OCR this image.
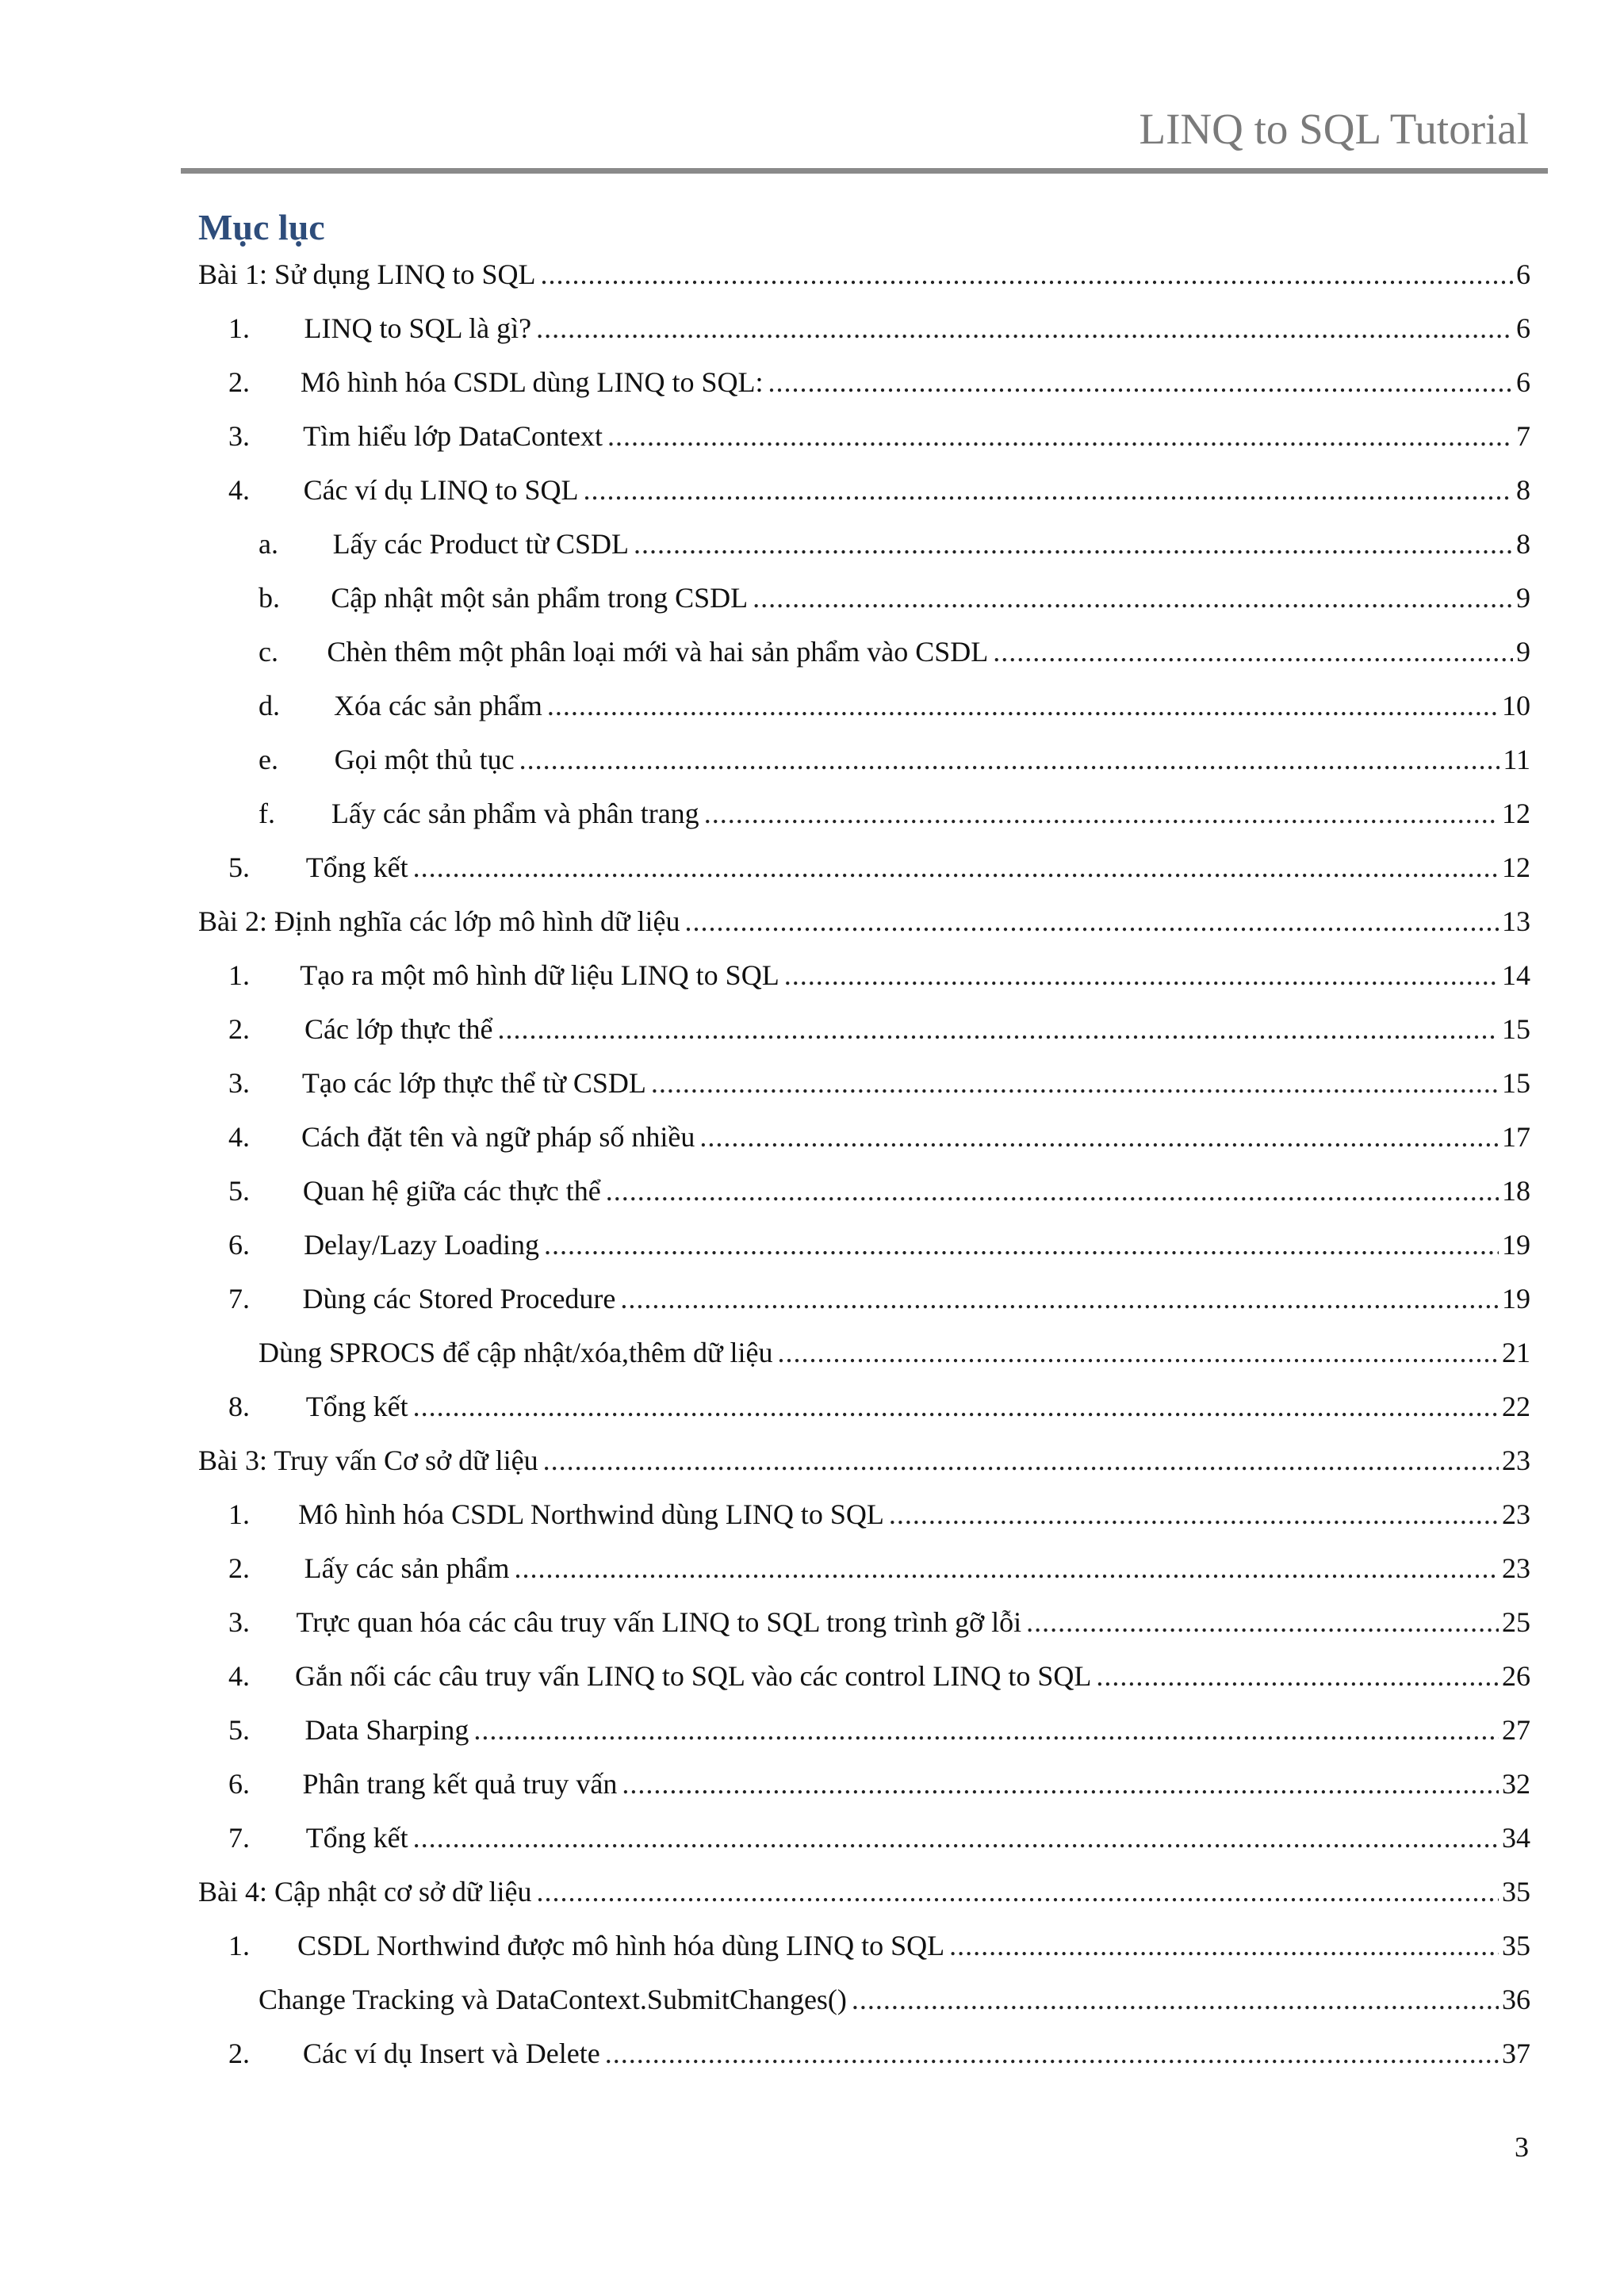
LINQ to SQL Tutorial
Mục lục
Bài 1: Sử dụng LINQ to SQL .....	6
1.	LINQ to SQL là gì? .....	6
2.	Mô hình hóa CSDL dùng LINQ to SQL: .....	6
3.	Tìm hiểu lớp DataContext .....	7
4.	Các ví dụ LINQ to SQL .....	8
a.	Lấy các Product từ CSDL .....	8
b.	Cập nhật một sản phẩm trong CSDL .....	9
c.	Chèn thêm một phân loại mới và hai sản phẩm vào CSDL .....	9
d.	Xóa các sản phẩm .....	10
e.	Gọi một thủ tục .....	11
f.	Lấy các sản phẩm và phân trang .....	12
5.	Tổng kết .....	12
Bài 2: Định nghĩa các lớp mô hình dữ liệu .....	13
1.	Tạo ra một mô hình dữ liệu LINQ to SQL .....	14
2.	Các lớp thực thể .....	15
3.	Tạo các lớp thực thể từ CSDL .....	15
4.	Cách đặt tên và ngữ pháp số nhiều .....	17
5.	Quan hệ giữa các thực thể .....	18
6.	Delay/Lazy Loading .....	19
7.	Dùng các Stored Procedure .....	19
Dùng SPROCS để cập nhật/xóa,thêm dữ liệu .....	21
8.	Tổng kết .....	22
Bài 3: Truy vấn Cơ sở dữ liệu .....	23
1.	Mô hình hóa CSDL Northwind dùng LINQ to SQL .....	23
2.	Lấy các sản phẩm .....	23
3.	Trực quan hóa các câu truy vấn LINQ to SQL trong trình gỡ lỗi .....	25
4.	Gắn nối các câu truy vấn LINQ to SQL vào các control LINQ to SQL .....	26
5.	Data Sharping .....	27
6.	Phân trang kết quả truy vấn .....	32
7.	Tổng kết .....	34
Bài 4: Cập nhật cơ sở dữ liệu .....	35
1.	CSDL Northwind được mô hình hóa dùng LINQ to SQL .....	35
Change Tracking và DataContext.SubmitChanges() .....	36
2.	Các ví dụ Insert và Delete .....	37
3
